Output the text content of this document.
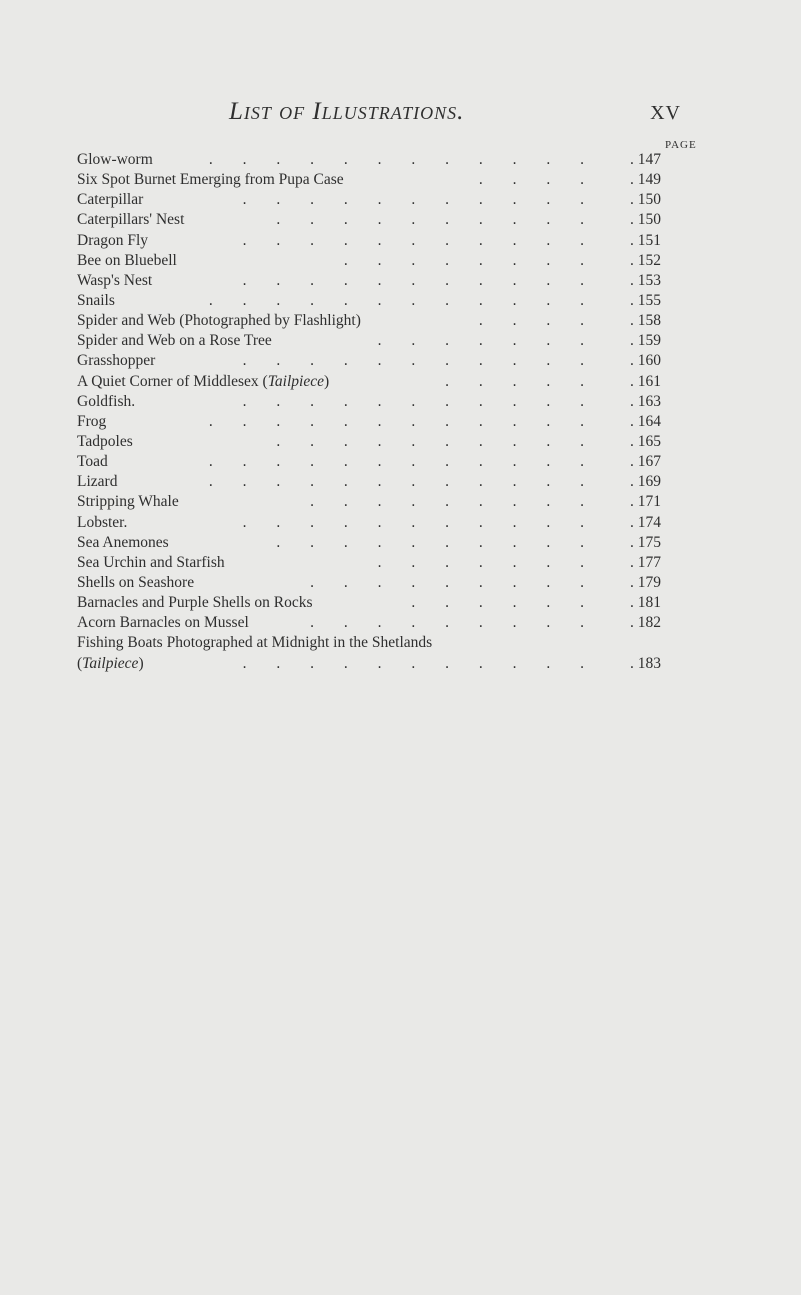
List of Illustrations.	XV
PAGE
Glow-worm	. . . . . . . . . . . .	. 147
Six Spot Burnet Emerging from Pupa Case	. . . .	. 149
Caterpillar	. . . . . . . . . . .	. 150
Caterpillars' Nest	. . . . . . . . . .	. 150
Dragon Fly	. . . . . . . . . . .	. 151
Bee on Bluebell	. . . . . . . .	. 152
Wasp's Nest	. . . . . . . . . . .	. 153
Snails	. . . . . . . . . . . .	. 155
Spider and Web (Photographed by Flashlight)	. . . .	. 158
Spider and Web on a Rose Tree	. . . . . . .	. 159
Grasshopper	. . . . . . . . . . .	. 160
A Quiet Corner of Middlesex (Tailpiece)	. . . . .	. 161
Goldfish.	. . . . . . . . . . .	. 163
Frog	. . . . . . . . . . . .	. 164
Tadpoles	. . . . . . . . . .	. 165
Toad	. . . . . . . . . . . .	. 167
Lizard	. . . . . . . . . . . .	. 169
Stripping Whale	. . . . . . . . .	. 171
Lobster.	. . . . . . . . . . .	. 174
Sea Anemones	. . . . . . . . . .	. 175
Sea Urchin and Starfish	. . . . . . .	. 177
Shells on Seashore	. . . . . . . . .	. 179
Barnacles and Purple Shells on Rocks	. . . . . .	. 181
Acorn Barnacles on Mussel	. . . . . . . . .	. 182
Fishing Boats Photographed at Midnight in the Shetlands
(Tailpiece)	. . . . . . . . . . .	. 183
